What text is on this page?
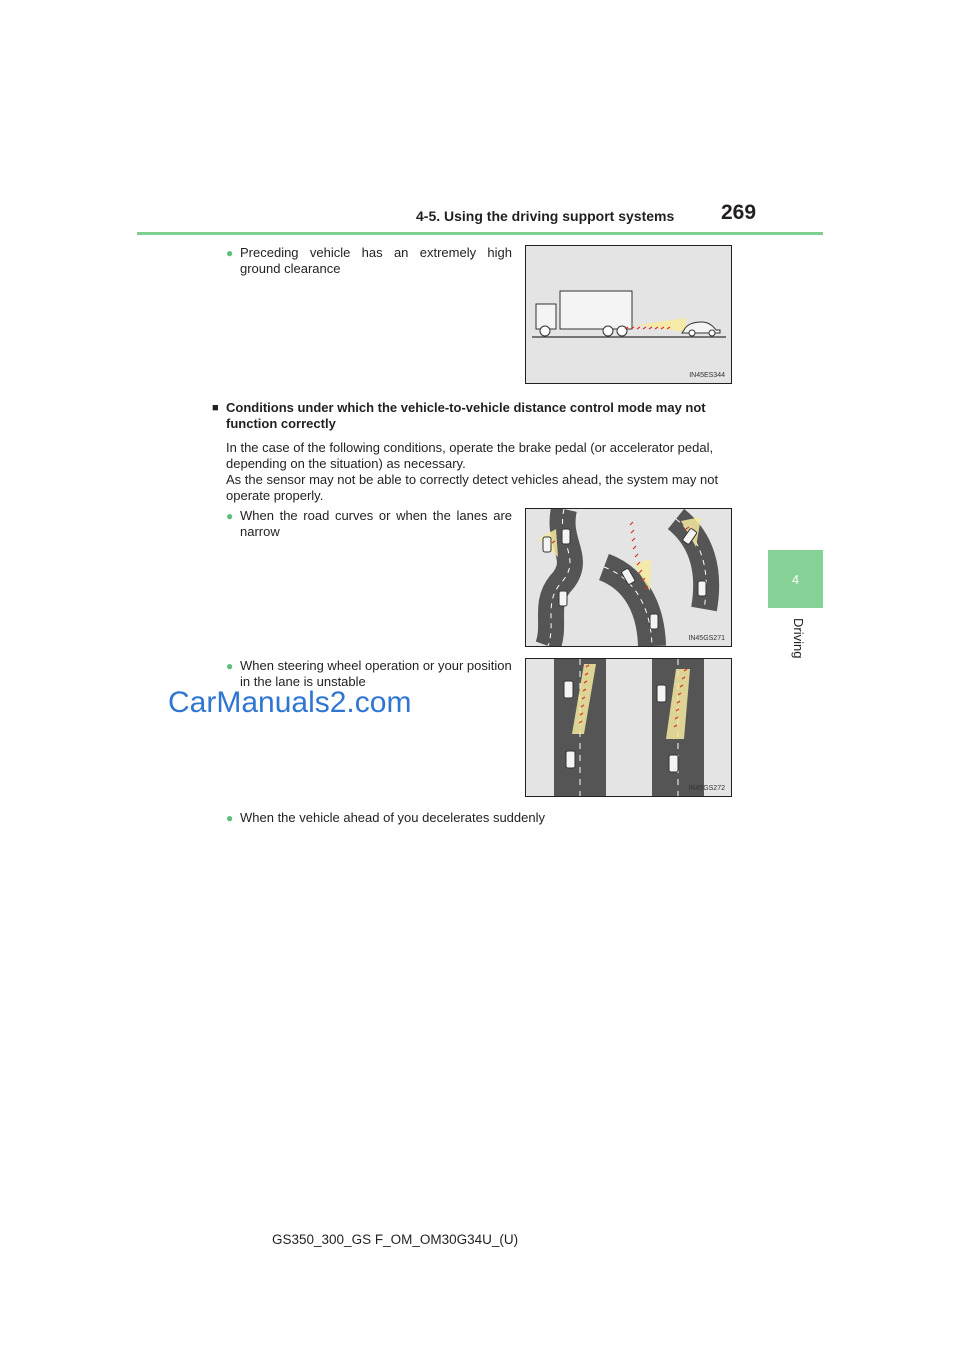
4-5. Using the driving support systems 269
4
Driving
● Preceding vehicle has an extremely high ground clearance
IN45ES344
■ Conditions under which the vehicle-to-vehicle distance control mode may not function correctly

In the case of the following conditions, operate the brake pedal (or accelerator pedal, depending on the situation) as necessary.

As the sensor may not be able to correctly detect vehicles ahead, the system may not operate properly.

● When the road curves or when the lanes are narrow
IN45GS271
● When steering wheel operation or your position in the lane is unstable
IN45GS272
● When the vehicle ahead of you decelerates suddenly
CarManuals2.com
GS350_300_GS F_OM_OM30G34U_(U)
